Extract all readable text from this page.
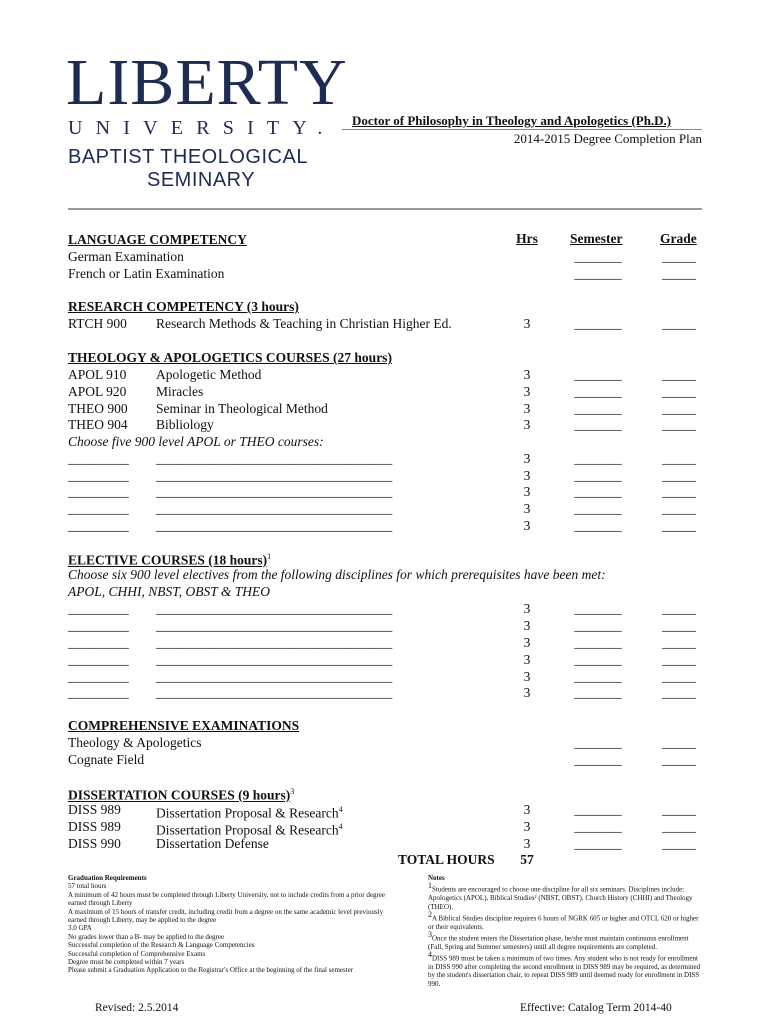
LIBERTY
UNIVERSITY.
BAPTIST THEOLOGICAL
SEMINARY
Doctor of Philosophy in Theology and Apologetics (Ph.D.)
2014-2015 Degree Completion Plan
Hrs	Semester	Grade
LANGUAGE COMPETENCY
German Examination	_______	_____
French or Latin Examination	_______	_____
RESEARCH COMPETENCY (3 hours)
RTCH 900 Research Methods & Teaching in Christian Higher Ed.	3	_______	_____
THEOLOGY & APOLOGETICS COURSES (27 hours)
APOL 910 Apologetic Method	3	_______	_____
APOL 920 Miracles	3	_______	_____
THEO 900 Seminar in Theological Method	3	_______	_____
THEO 904 Bibliology	3	_______	_____
Choose five 900 level APOL or THEO courses:
_________ ___________________________________	3	_______	_____
_________ ___________________________________	3	_______	_____
_________ ___________________________________	3	_______	_____
_________ ___________________________________	3	_______	_____
_________ ___________________________________	3	_______	_____
ELECTIVE COURSES (18 hours)$^1$
Choose six 900 level electives from the following disciplines for which prerequisites have been met:
APOL, CHHI, NBST, OBST & THEO
_________ ___________________________________	3	_______	_____
_________ ___________________________________	3	_______	_____
_________ ___________________________________	3	_______	_____
_________ ___________________________________	3	_______	_____
_________ ___________________________________	3	_______	_____
_________ ___________________________________	3	_______	_____
COMPREHENSIVE EXAMINATIONS
Theology & Apologetics	_______	_____
Cognate Field	_______	_____
DISSERTATION COURSES (9 hours)$^3$
DISS 989	Dissertation Proposal & Research$^4$	3	_______	_____
DISS 989	Dissertation Proposal & Research$^4$	3	_______	_____
DISS 990	Dissertation Defense	3	_______	_____
TOTAL HOURS	57
Graduation Requirements
57 total hours
A minimum of 42 hours must be completed through Liberty University, not to include credits from a prior degree earned through Liberty
A maximum of 15 hours of transfer credit, including credit from a degree on the same academic level previously earned through Liberty, may be applied to the degree
3.0 GPA
No grades lower than a B- may be applied to the degree
Successful completion of the Research & Language Competencies
Successful completion of Comprehensive Exams
Degree must be completed within 7 years
Please submit a Graduation Application to the Registrar's Office at the beginning of the final semester
Notes
$^1$Students are encouraged to choose one discipline for all six seminars. Disciplines include: Apologetics (APOL), Biblical Studies² (NBST, OBST), Church History (CHHI) and Theology (THEO).
$^2$A Biblical Studies discipline requires 6 hours of NGRK 605 or higher and OTCL 620 or higher or their equivalents.
$^3$Once the student enters the Dissertation phase, he/she must maintain continuous enrollment (Fall, Spring and Summer semesters) until all degree requirements are completed.
$^4$DISS 989 must be taken a minimum of two times. Any student who is not ready for enrollment in DISS 990 after completing the second enrollment in DISS 989 may be required, as determined by the student's dissertation chair, to repeat DISS 989 until deemed ready for enrollment in DISS 990.
Revised: 2.5.2014	Effective: Catalog Term 2014-40
